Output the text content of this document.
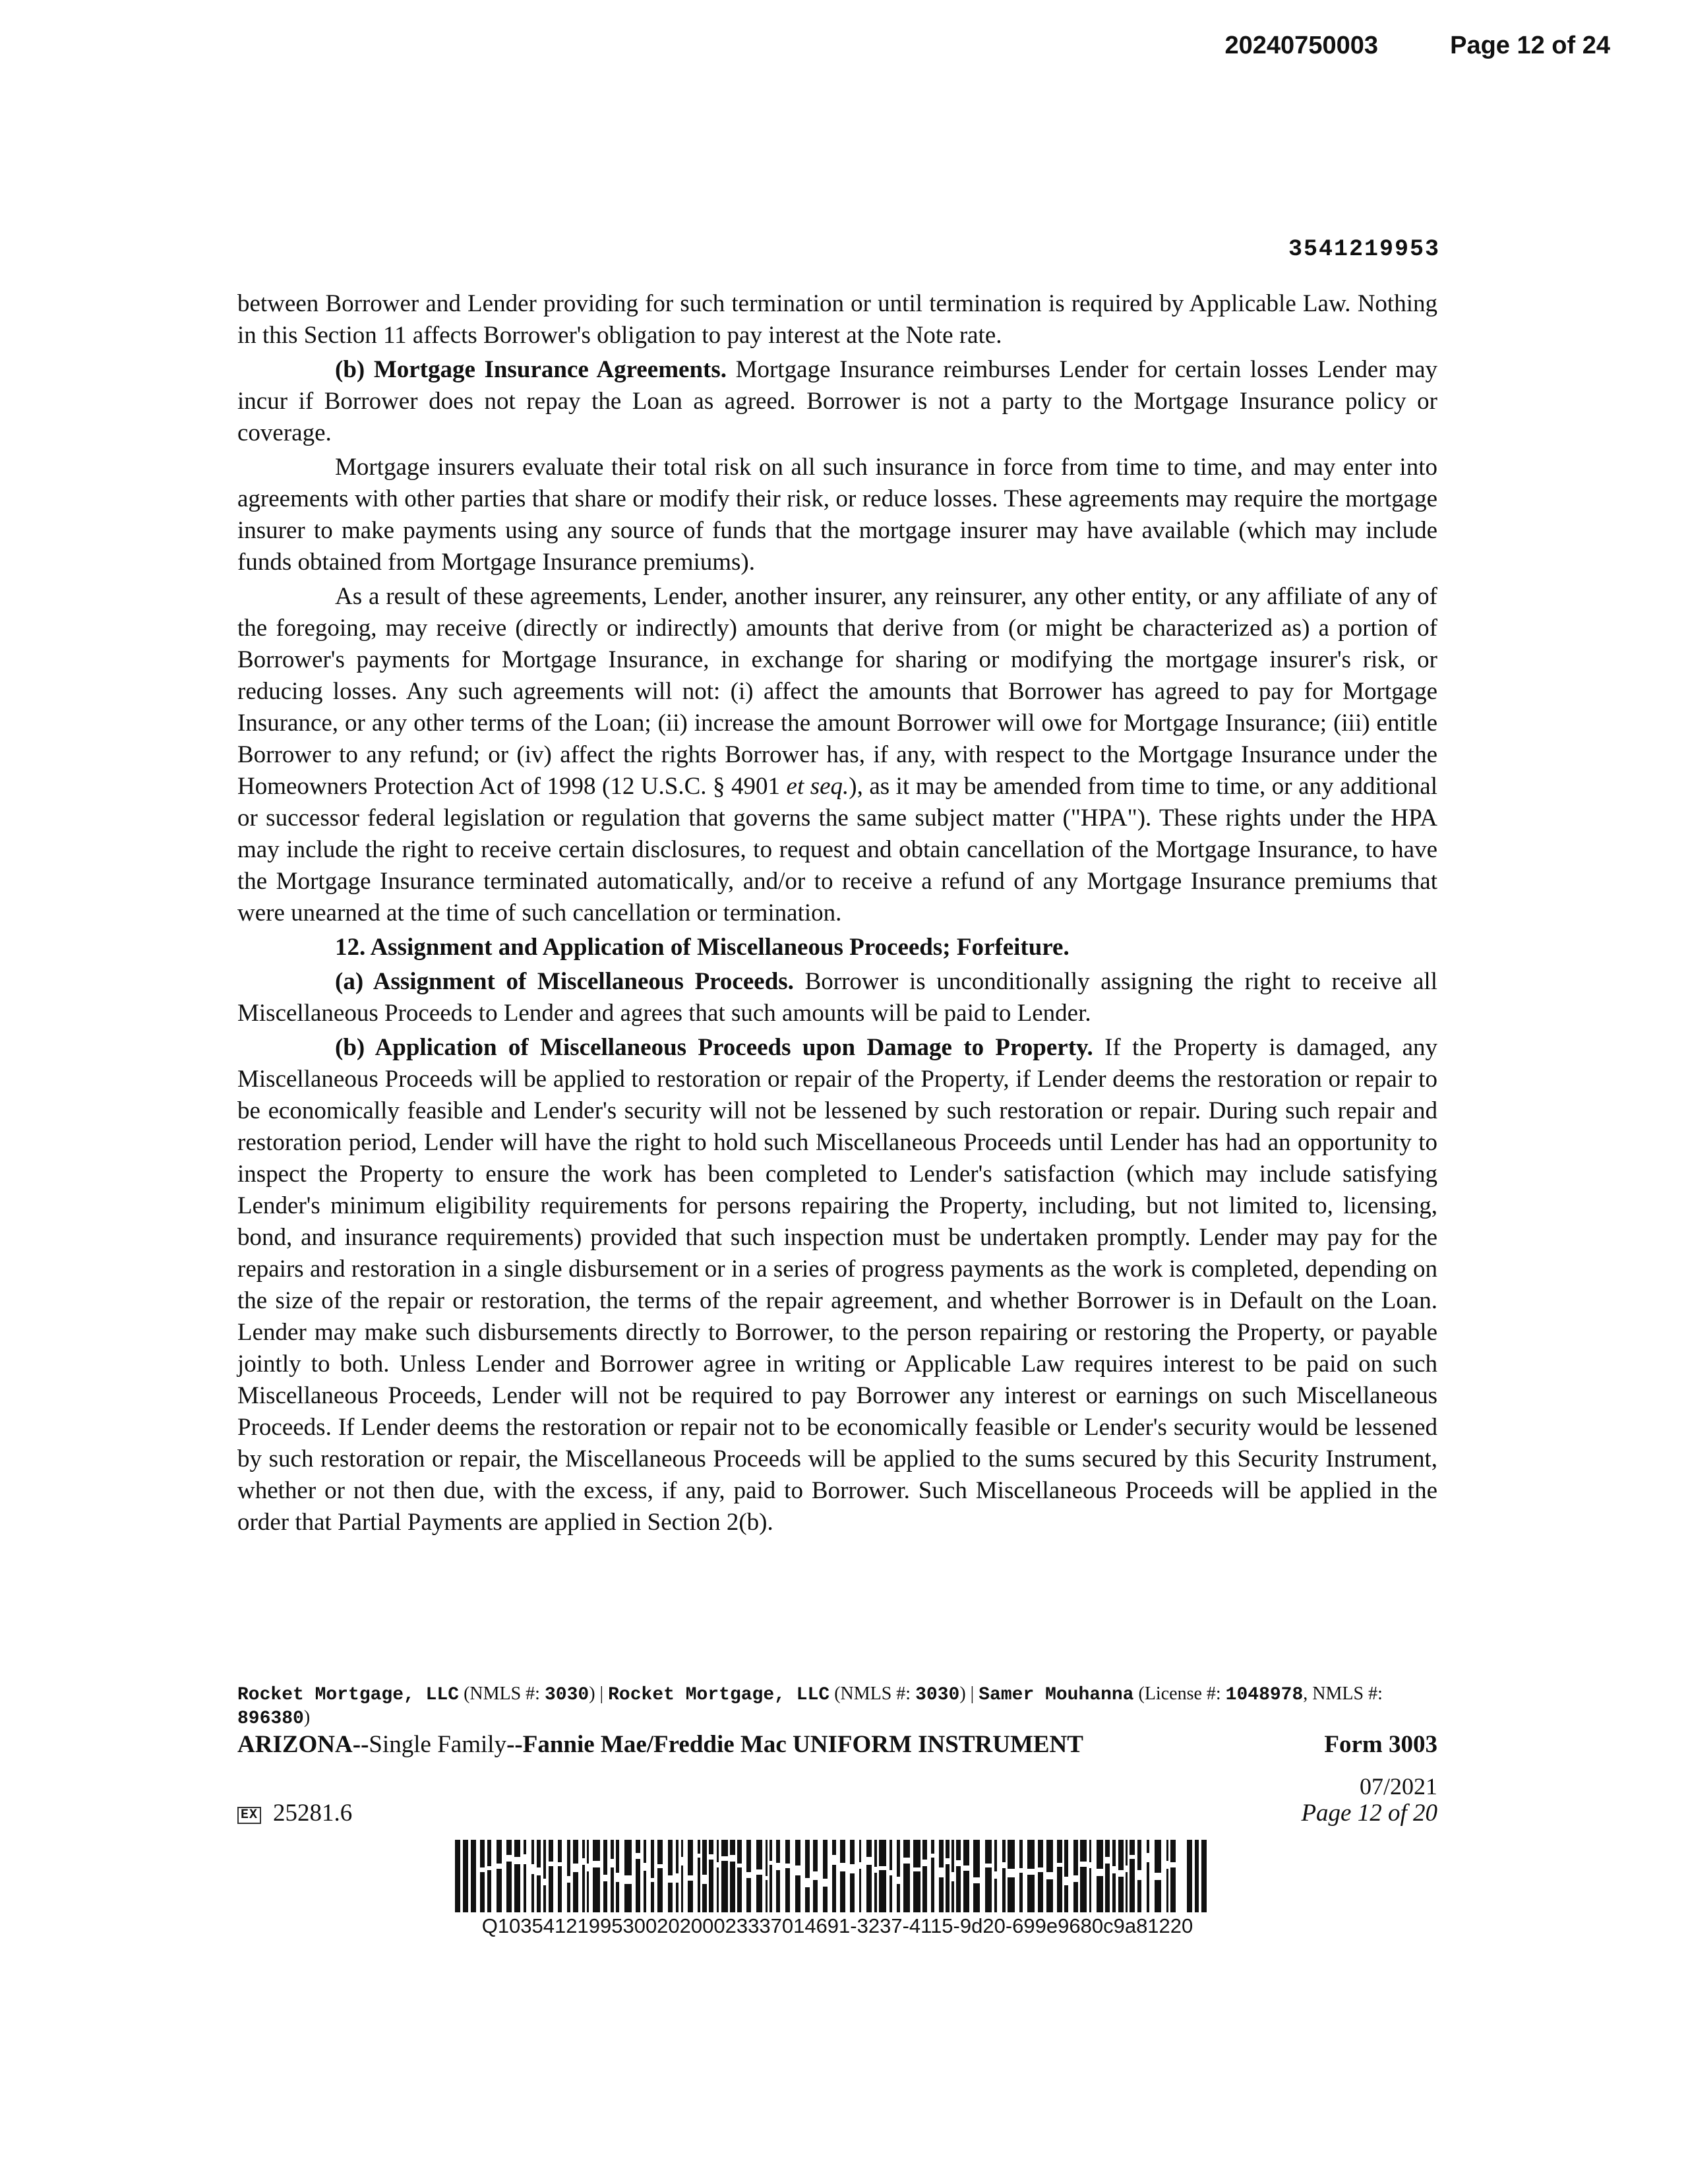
20240750003	Page 12 of 24
3541219953

between Borrower and Lender providing for such termination or until termination is required by Applicable Law. Nothing in this Section 11 affects Borrower's obligation to pay interest at the Note rate.

(b) Mortgage Insurance Agreements. Mortgage Insurance reimburses Lender for certain losses Lender may incur if Borrower does not repay the Loan as agreed. Borrower is not a party to the Mortgage Insurance policy or coverage.

Mortgage insurers evaluate their total risk on all such insurance in force from time to time, and may enter into agreements with other parties that share or modify their risk, or reduce losses. These agreements may require the mortgage insurer to make payments using any source of funds that the mortgage insurer may have available (which may include funds obtained from Mortgage Insurance premiums).

As a result of these agreements, Lender, another insurer, any reinsurer, any other entity, or any affiliate of any of the foregoing, may receive (directly or indirectly) amounts that derive from (or might be characterized as) a portion of Borrower's payments for Mortgage Insurance, in exchange for sharing or modifying the mortgage insurer's risk, or reducing losses. Any such agreements will not: (i) affect the amounts that Borrower has agreed to pay for Mortgage Insurance, or any other terms of the Loan; (ii) increase the amount Borrower will owe for Mortgage Insurance; (iii) entitle Borrower to any refund; or (iv) affect the rights Borrower has, if any, with respect to the Mortgage Insurance under the Homeowners Protection Act of 1998 (12 U.S.C. § 4901 et seq.), as it may be amended from time to time, or any additional or successor federal legislation or regulation that governs the same subject matter ("HPA"). These rights under the HPA may include the right to receive certain disclosures, to request and obtain cancellation of the Mortgage Insurance, to have the Mortgage Insurance terminated automatically, and/or to receive a refund of any Mortgage Insurance premiums that were unearned at the time of such cancellation or termination.

12. Assignment and Application of Miscellaneous Proceeds; Forfeiture.

(a) Assignment of Miscellaneous Proceeds. Borrower is unconditionally assigning the right to receive all Miscellaneous Proceeds to Lender and agrees that such amounts will be paid to Lender.

(b) Application of Miscellaneous Proceeds upon Damage to Property. If the Property is damaged, any Miscellaneous Proceeds will be applied to restoration or repair of the Property, if Lender deems the restoration or repair to be economically feasible and Lender's security will not be lessened by such restoration or repair. During such repair and restoration period, Lender will have the right to hold such Miscellaneous Proceeds until Lender has had an opportunity to inspect the Property to ensure the work has been completed to Lender's satisfaction (which may include satisfying Lender's minimum eligibility requirements for persons repairing the Property, including, but not limited to, licensing, bond, and insurance requirements) provided that such inspection must be undertaken promptly. Lender may pay for the repairs and restoration in a single disbursement or in a series of progress payments as the work is completed, depending on the size of the repair or restoration, the terms of the repair agreement, and whether Borrower is in Default on the Loan. Lender may make such disbursements directly to Borrower, to the person repairing or restoring the Property, or payable jointly to both. Unless Lender and Borrower agree in writing or Applicable Law requires interest to be paid on such Miscellaneous Proceeds, Lender will not be required to pay Borrower any interest or earnings on such Miscellaneous Proceeds. If Lender deems the restoration or repair not to be economically feasible or Lender's security would be lessened by such restoration or repair, the Miscellaneous Proceeds will be applied to the sums secured by this Security Instrument, whether or not then due, with the excess, if any, paid to Borrower. Such Miscellaneous Proceeds will be applied in the order that Partial Payments are applied in Section 2(b).

Rocket Mortgage, LLC (NMLS #: 3030) | Rocket Mortgage, LLC (NMLS #: 3030) | Samer Mouhanna (License #: 1048978, NMLS #: 896380)
ARIZONA--Single Family--Fannie Mae/Freddie Mac UNIFORM INSTRUMENT	Form 3003
07/2021
EX 25281.6	Page 12 of 20
Q103541219953002020002333701469​1-3237-4115-9d20-699e9680c9a81220
